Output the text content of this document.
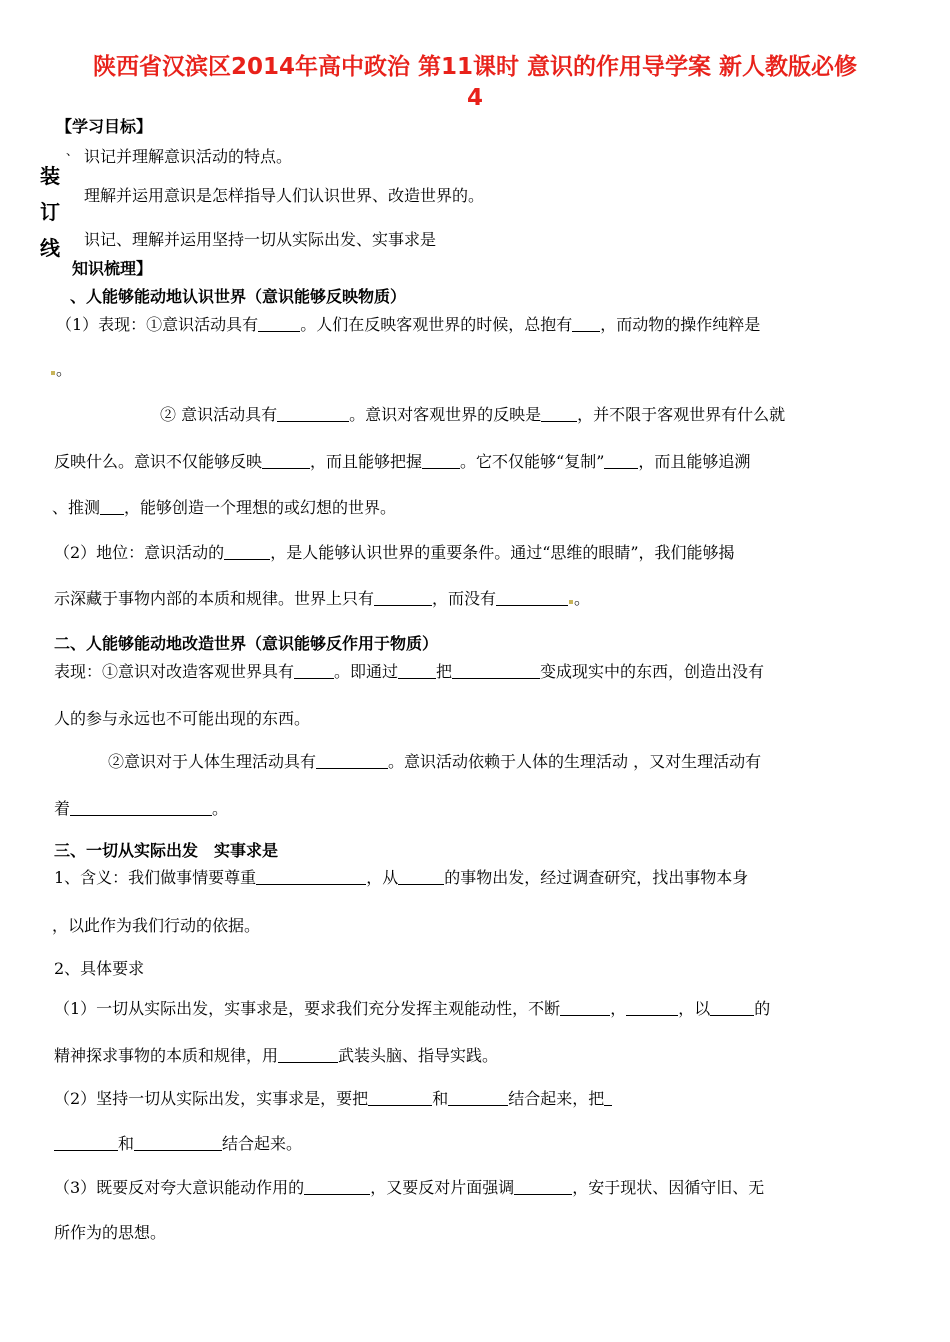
陕西省汉滨区2014年高中政治 第11课时 意识的作用导学案 新人教版必修
4
装
订
线
【学习目标】
、 识记并理解意识活动的特点。
理解并运用意识是怎样指导人们认识世界、改造世界的。
识记、理解并运用坚持一切从实际出发、实事求是
知识梳理】
、人能够能动地认识世界（意识能够反映物质）
（1）表现：①意识活动具有	。人们在反映客观世界的时候，总抱有 ，而动物的操作纯粹是
。
② 意识活动具有	。意识对客观世界的反映是 ，并不限于客观世界有什么就
反映什么。意识不仅能够反映	，而且能够把握 。它不仅能够“复制” ，而且能够追溯
、推测 ，能够创造一个理想的或幻想的世界。
（2）地位：意识活动的	，是人能够认识世界的重要条件。通过“思维的眼睛”，我们能够揭
示深藏于事物内部的本质和规律。世界上只有	，而没有	。
二、人能够能动地改造世界（意识能够反作用于物质）
表现：①意识对改造客观世界具有	。即通过 把	变成现实中的东西，创造出没有
人的参与永远也不可能出现的东西。
②意识对于人体生理活动具有	。意识活动依赖于人体的生理活动 ，又对生理活动有
着	。
三、一切从实际出发　实事求是
1、含义：我们做事情要尊重	，从	的事物出发，经过调查研究，找出事物本身
，以此作为我们行动的依据。
2、具体要求
（1）一切从实际出发，实事求是，要求我们充分发挥主观能动性，不断	，	，以	的
精神探求事物的本质和规律，用	武装头脑、指导实践。
（2）坚持一切从实际出发，实事求是，要把	和	结合起来，把
和	结合起来。
（3）既要反对夸大意识能动作用的	，又要反对片面强调	，安于现状、因循守旧、无
所作为的思想。
